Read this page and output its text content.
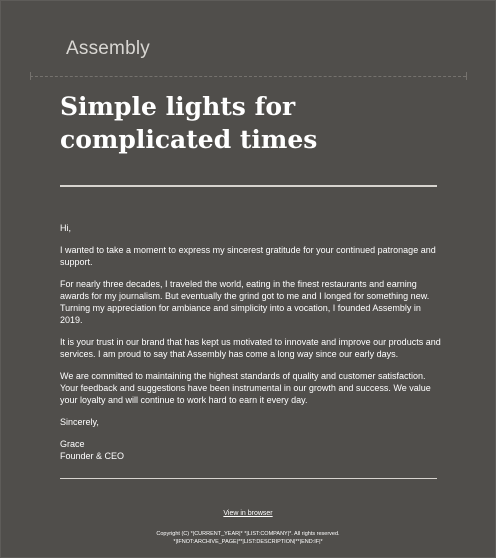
Assembly
Simple lights for complicated times

Hi,

I wanted to take a moment to express my sincerest gratitude for your continued patronage and support.

For nearly three decades, I traveled the world, eating in the finest restaurants and earning awards for my journalism. But eventually the grind got to me and I longed for something new. Turning my appreciation for ambiance and simplicity into a vocation, I founded Assembly in 2019.

It is your trust in our brand that has kept us motivated to innovate and improve our products and services. I am proud to say that Assembly has come a long way since our early days.

We are committed to maintaining the highest standards of quality and customer satisfaction. Your feedback and suggestions have been instrumental in our growth and success. We value your loyalty and will continue to work hard to earn it every day.

Sincerely,

Grace

Founder & CEO

View in browser
Copyright (C) *|CURRENT_YEAR|* *|LIST:COMPANY|*. All rights reserved.
*|IFNOT:ARCHIVE_PAGE|**|LIST:DESCRIPTION|**|END:IF|*
